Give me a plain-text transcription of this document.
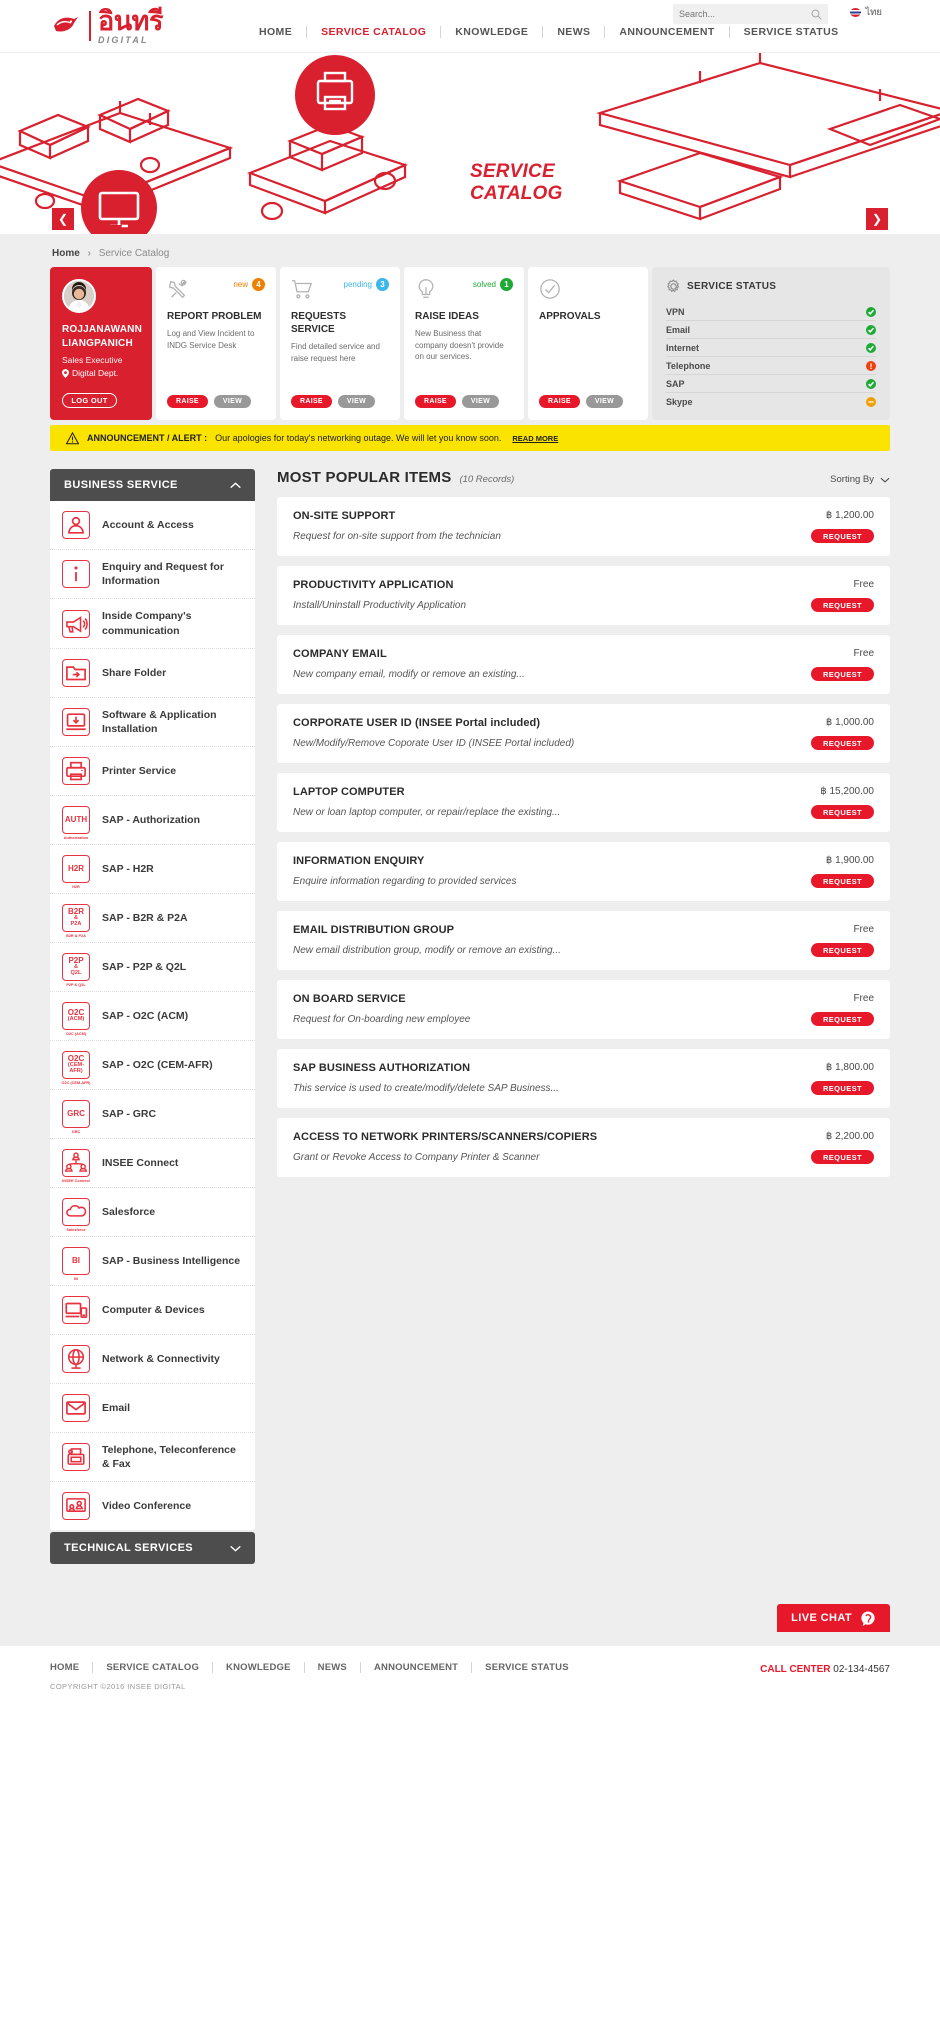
อินทรี
DIGITAL
HOME	SERVICE CATALOG	KNOWLEDGE	NEWS	ANNOUNCEMENT	SERVICE STATUS
Search...
ไทย
SERVICE
CATALOG
❮	❯
Home › Service Catalog
ROJJANAWANN LIANGPANICH
Sales Executive
Digital Dept.
LOG OUT
new	4
REPORT PROBLEM
Log and View Incident to INDG Service Desk
RAISE	VIEW
pending	3
REQUESTS SERVICE
Find detailed service and raise request here
RAISE	VIEW
solved	1
RAISE IDEAS
New Business that company doesn't provide on our services.
RAISE	VIEW
APPROVALS
RAISE	VIEW
SERVICE STATUS
VPN
Email
Internet
Telephone
SAP
Skype
ANNOUNCEMENT / ALERT : Our apologies for today's networking outage. We will let you know soon. READ MORE
BUSINESS SERVICE
Account & Access
Enquiry and Request for Information
Inside Company's communication
Share Folder
Software & Application Installation
Printer Service
AUTH
Authorization
SAP - Authorization
H2R
H2R
SAP - H2R
B2R
&
P2A
B2R & P2A
SAP - B2R & P2A
P2P
&
Q2L
P2P & Q2L
SAP - P2P & Q2L
O2C
(ACM)
O2C (ACM)
SAP - O2C (ACM)
O2C
(CEM-AFR)
O2C (CEM-AFR)
SAP - O2C (CEM-AFR)
GRC
GRC
SAP - GRC
INSEE Connect
INSEE Connect
Salesforce
Salesforce
BI
BI
SAP - Business Intelligence
Computer & Devices
Network & Connectivity
Email
Telephone, Teleconference & Fax
Video Conference
TECHNICAL SERVICES
MOST POPULAR ITEMS (10 Records)	Sorting By
ON-SITE SUPPORT	฿ 1,200.00
Request for on-site support from the technician	REQUEST
PRODUCTIVITY APPLICATION	Free
Install/Uninstall Productivity Application	REQUEST
COMPANY EMAIL	Free
New company email, modify or remove an existing...	REQUEST
CORPORATE USER ID (INSEE Portal included)	฿ 1,000.00
New/Modify/Remove Coporate User ID (INSEE Portal included)	REQUEST
LAPTOP COMPUTER	฿ 15,200.00
New or loan laptop computer, or repair/replace the existing...	REQUEST
INFORMATION ENQUIRY	฿ 1,900.00
Enquire information regarding to provided services	REQUEST
EMAIL DISTRIBUTION GROUP	Free
New email distribution group, modify or remove an existing...	REQUEST
ON BOARD SERVICE	Free
Request for On-boarding new employee	REQUEST
SAP BUSINESS AUTHORIZATION	฿ 1,800.00
This service is used to create/modify/delete SAP Business...	REQUEST
ACCESS TO NETWORK PRINTERS/SCANNERS/COPIERS	฿ 2,200.00
Grant or Revoke Access to Company Printer & Scanner	REQUEST
LIVE CHAT
HOME	SERVICE CATALOG	KNOWLEDGE	NEWS	ANNOUNCEMENT	SERVICE STATUS
COPYRIGHT ©2016 INSEE DIGITAL
CALL CENTER 02-134-4567
